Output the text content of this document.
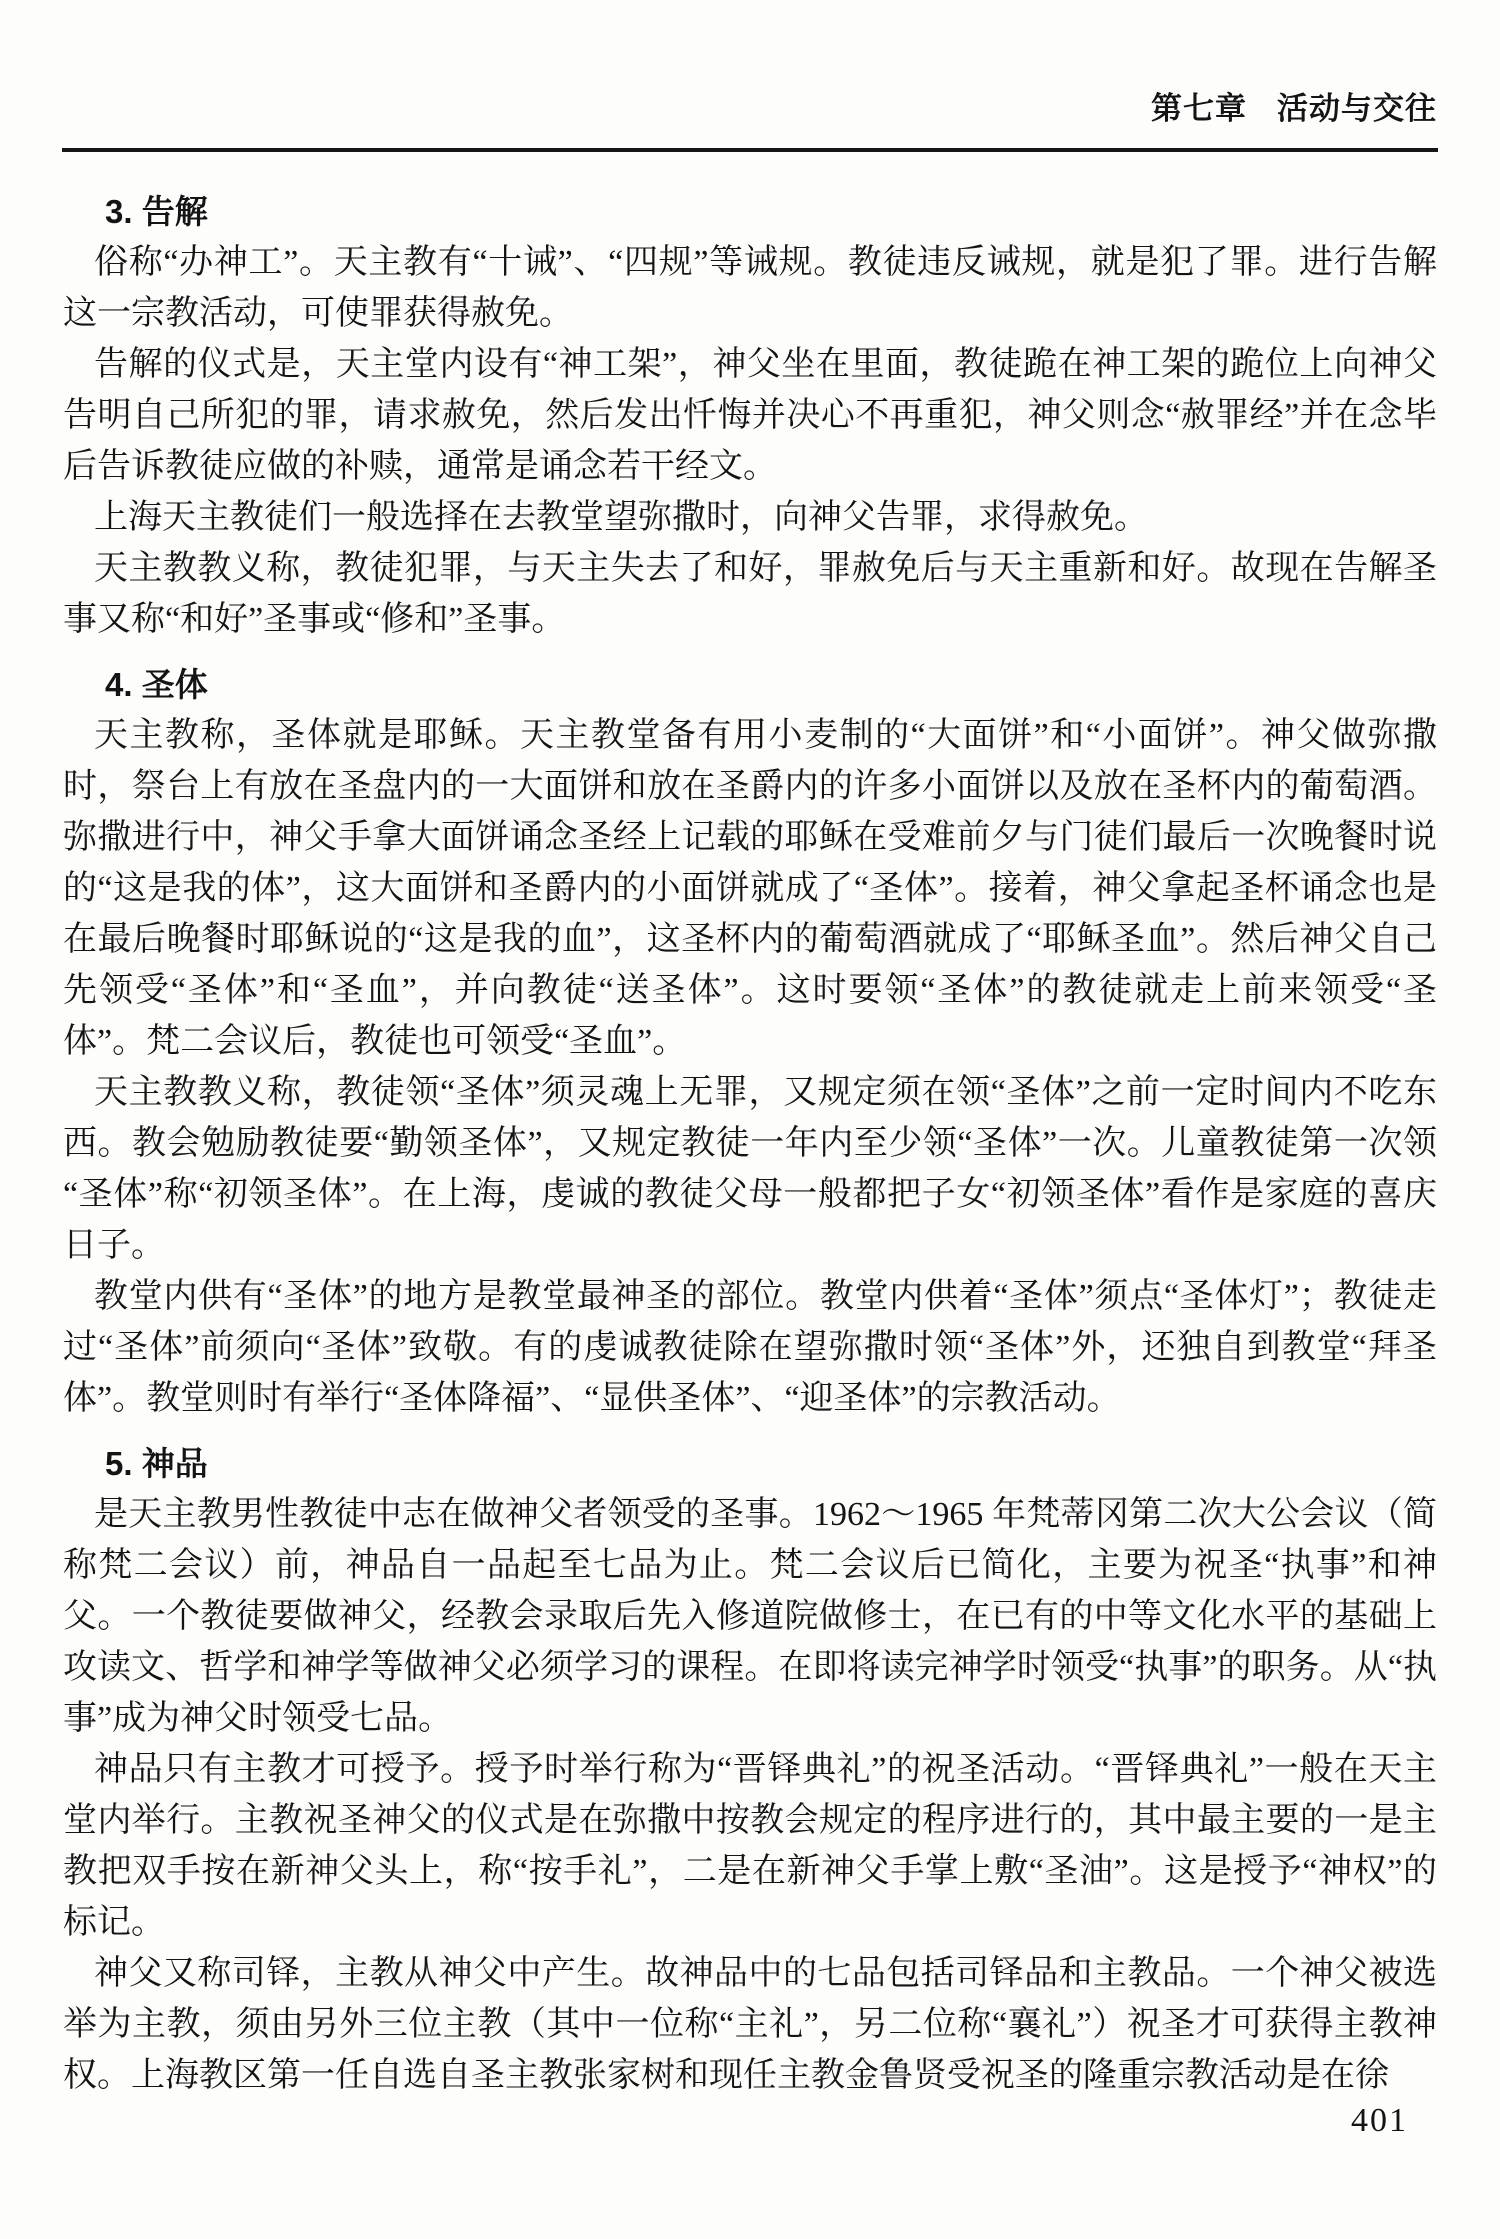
第七章 活动与交往
3. 告解

俗称“办神工”。天主教有“十诫”、“四规”等诫规。教徒违反诫规，就是犯了罪。进行告解这一宗教活动，可使罪获得赦免。

告解的仪式是，天主堂内设有“神工架”，神父坐在里面，教徒跪在神工架的跪位上向神父告明自己所犯的罪，请求赦免，然后发出忏悔并决心不再重犯，神父则念“赦罪经”并在念毕后告诉教徒应做的补赎，通常是诵念若干经文。

上海天主教徒们一般选择在去教堂望弥撒时，向神父告罪，求得赦免。

天主教教义称，教徒犯罪，与天主失去了和好，罪赦免后与天主重新和好。故现在告解圣事又称“和好”圣事或“修和”圣事。

4. 圣体

天主教称，圣体就是耶稣。天主教堂备有用小麦制的“大面饼”和“小面饼”。神父做弥撒时，祭台上有放在圣盘内的一大面饼和放在圣爵内的许多小面饼以及放在圣杯内的葡萄酒。弥撒进行中，神父手拿大面饼诵念圣经上记载的耶稣在受难前夕与门徒们最后一次晚餐时说的“这是我的体”，这大面饼和圣爵内的小面饼就成了“圣体”。接着，神父拿起圣杯诵念也是在最后晚餐时耶稣说的“这是我的血”，这圣杯内的葡萄酒就成了“耶稣圣血”。然后神父自己先领受“圣体”和“圣血”，并向教徒“送圣体”。这时要领“圣体”的教徒就走上前来领受“圣体”。梵二会议后，教徒也可领受“圣血”。

天主教教义称，教徒领“圣体”须灵魂上无罪，又规定须在领“圣体”之前一定时间内不吃东西。教会勉励教徒要“勤领圣体”，又规定教徒一年内至少领“圣体”一次。儿童教徒第一次领“圣体”称“初领圣体”。在上海，虔诚的教徒父母一般都把子女“初领圣体”看作是家庭的喜庆日子。

教堂内供有“圣体”的地方是教堂最神圣的部位。教堂内供着“圣体”须点“圣体灯”；教徒走过“圣体”前须向“圣体”致敬。有的虔诚教徒除在望弥撒时领“圣体”外，还独自到教堂“拜圣体”。教堂则时有举行“圣体降福”、“显供圣体”、“迎圣体”的宗教活动。

5. 神品

是天主教男性教徒中志在做神父者领受的圣事。1962～1965 年梵蒂冈第二次大公会议（简称梵二会议）前，神品自一品起至七品为止。梵二会议后已简化，主要为祝圣“执事”和神父。一个教徒要做神父，经教会录取后先入修道院做修士，在已有的中等文化水平的基础上攻读文、哲学和神学等做神父必须学习的课程。在即将读完神学时领受“执事”的职务。从“执事”成为神父时领受七品。

神品只有主教才可授予。授予时举行称为“晋铎典礼”的祝圣活动。“晋铎典礼”一般在天主堂内举行。主教祝圣神父的仪式是在弥撒中按教会规定的程序进行的，其中最主要的一是主教把双手按在新神父头上，称“按手礼”，二是在新神父手掌上敷“圣油”。这是授予“神权”的标记。

神父又称司铎，主教从神父中产生。故神品中的七品包括司铎品和主教品。一个神父被选举为主教，须由另外三位主教（其中一位称“主礼”，另二位称“襄礼”）祝圣才可获得主教神权。上海教区第一任自选自圣主教张家树和现任主教金鲁贤受祝圣的隆重宗教活动是在徐

401
